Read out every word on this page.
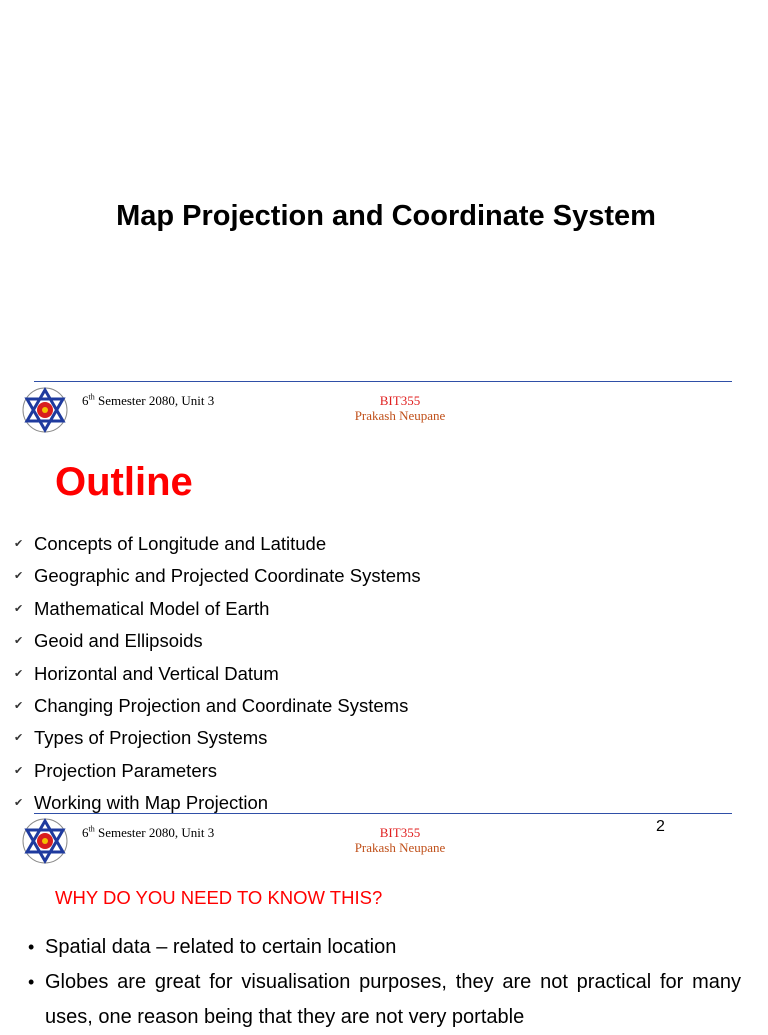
Map Projection and Coordinate System
6th Semester 2080, Unit 3	BIT355
Prakash Neupane
Outline
✔ Concepts of Longitude and Latitude
✔ Geographic and Projected Coordinate Systems
✔ Mathematical Model of Earth
✔ Geoid and Ellipsoids
✔ Horizontal and Vertical Datum
✔ Changing Projection and Coordinate Systems
✔ Types of Projection Systems
✔ Projection Parameters
✔ Working with Map Projection
2
6th Semester 2080, Unit 3	BIT355
Prakash Neupane
WHY DO YOU NEED TO KNOW THIS?
• Spatial data – related to certain location
• Globes are great for visualisation purposes, they are not practical for many uses, one reason being that they are not very portable
